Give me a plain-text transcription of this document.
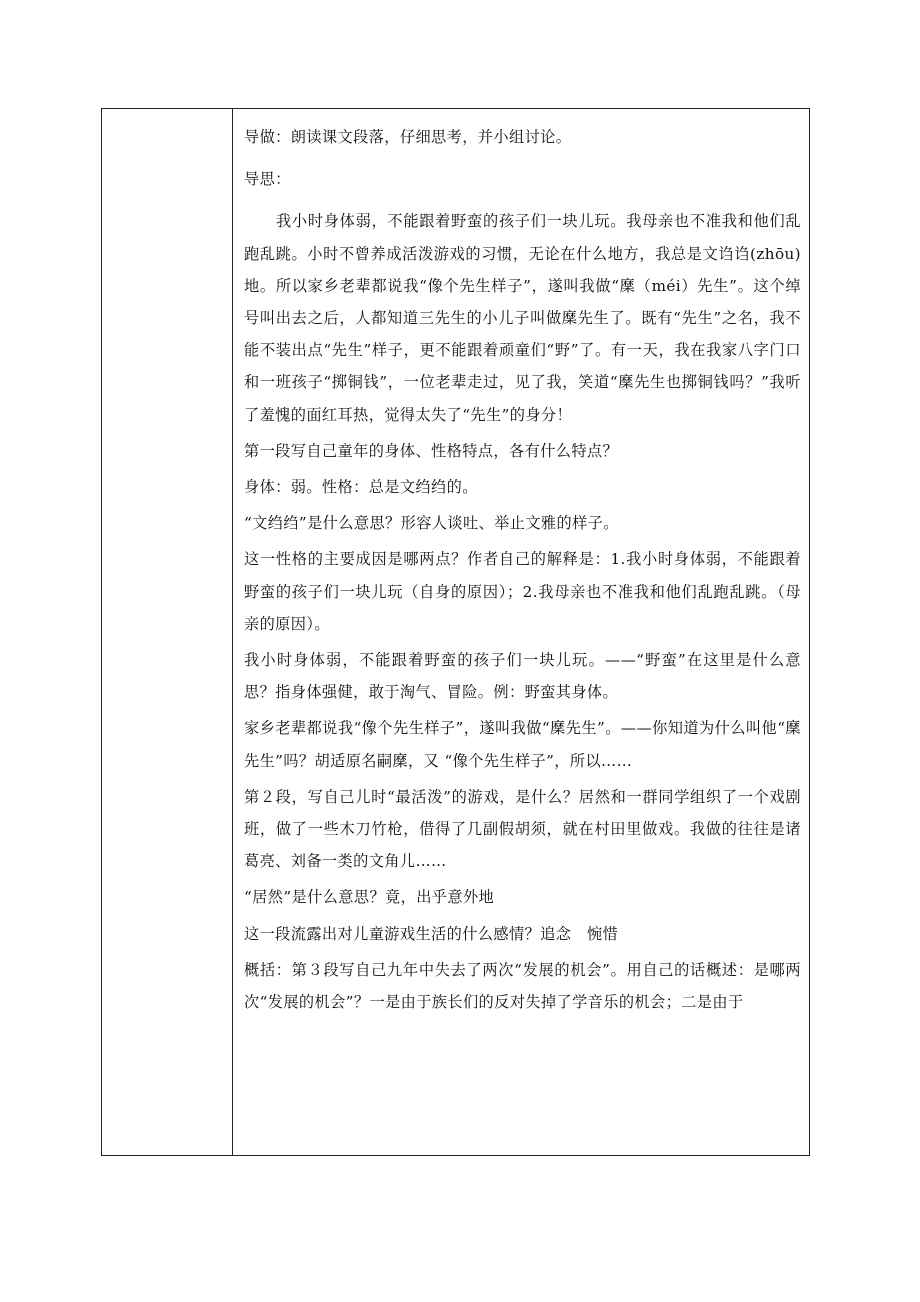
导做：朗读课文段落，仔细思考，并小组讨论。

导思：

我小时身体弱，不能跟着野蛮的孩子们一块儿玩。我母亲也不准我和他们乱跑乱跳。小时不曾养成活泼游戏的习惯，无论在什么地方，我总是文诌诌(zhōu)地。所以家乡老辈都说我“像个先生样子”，遂叫我做“穈（méi）先生”。这个绰号叫出去之后，人都知道三先生的小儿子叫做穈先生了。既有“先生”之名，我不能不装出点“先生”样子，更不能跟着顽童们“野”了。有一天，我在我家八字门口和一班孩子“掷铜钱”，一位老辈走过，见了我，笑道“穈先生也掷铜钱吗？”我听了羞愧的面红耳热，觉得太失了“先生”的身分！

第一段写自己童年的身体、性格特点，各有什么特点？

身体：弱。性格：总是文绉绉的。

“文绉绉”是什么意思？形容人谈吐、举止文雅的样子。

这一性格的主要成因是哪两点？作者自己的解释是：1.我小时身体弱，不能跟着野蛮的孩子们一块儿玩（自身的原因）；2.我母亲也不准我和他们乱跑乱跳。（母亲的原因）。

我小时身体弱，不能跟着野蛮的孩子们一块儿玩。——“野蛮”在这里是什么意思？指身体强健，敢于淘气、冒险。例：野蛮其身体。

家乡老辈都说我“像个先生样子”，遂叫我做“穈先生”。——你知道为什么叫他“穈先生”吗？胡适原名嗣穈，又 “像个先生样子”，所以……

第２段，写自己儿时“最活泼”的游戏，是什么？居然和一群同学组织了一个戏剧班，做了一些木刀竹枪，借得了几副假胡须，就在村田里做戏。我做的往往是诸葛亮、刘备一类的文角儿……

“居然”是什么意思？竟，出乎意外地

这一段流露出对儿童游戏生活的什么感情？追念　惋惜

概括：第３段写自己九年中失去了两次“发展的机会”。用自己的话概述：是哪两次“发展的机会”？一是由于族长们的反对失掉了学音乐的机会；二是由于
